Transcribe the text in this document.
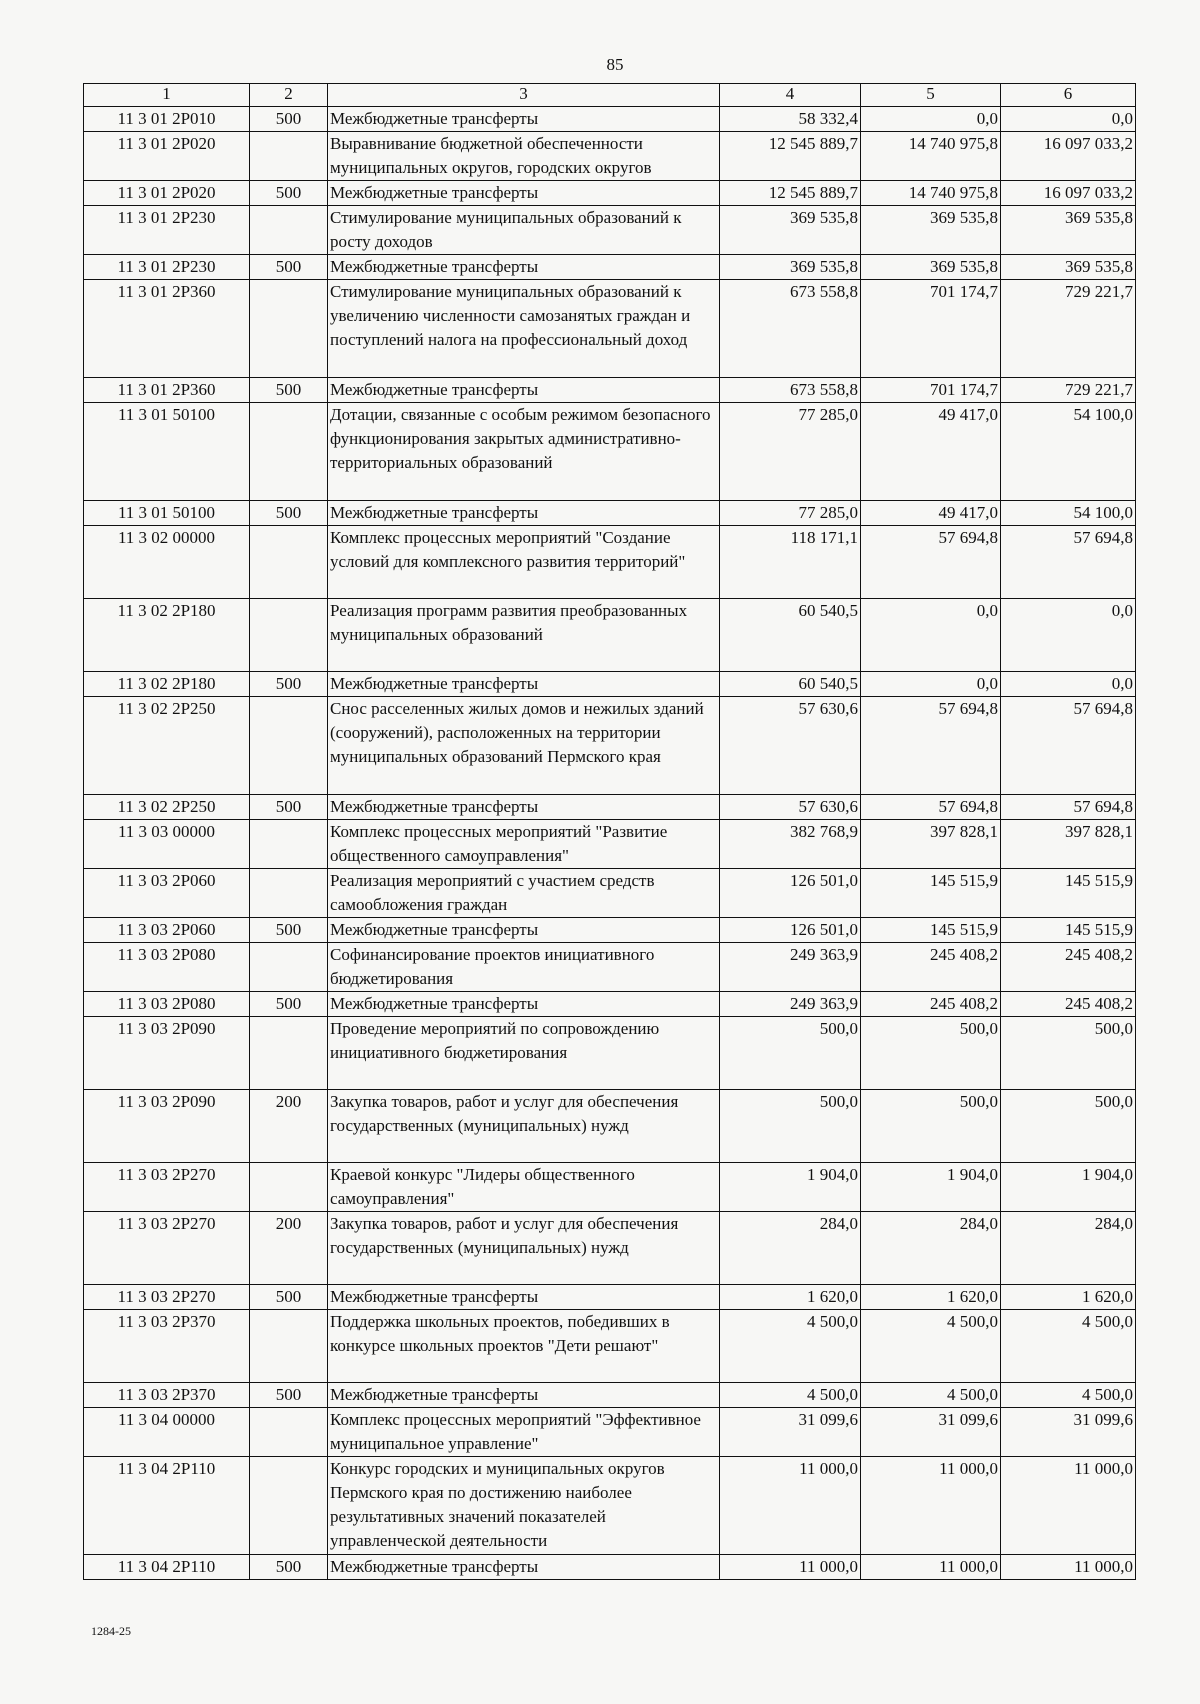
85
1	2	3	4	5	6
11 3 01 2P010	500	Межбюджетные трансферты	58 332,4	0,0	0,0
11 3 01 2P020		Выравнивание бюджетной обеспеченности муниципальных округов, городских округов	12 545 889,7	14 740 975,8	16 097 033,2
11 3 01 2P020	500	Межбюджетные трансферты	12 545 889,7	14 740 975,8	16 097 033,2
11 3 01 2P230		Стимулирование муниципальных образований к росту доходов	369 535,8	369 535,8	369 535,8
11 3 01 2P230	500	Межбюджетные трансферты	369 535,8	369 535,8	369 535,8
11 3 01 2P360		Стимулирование муниципальных образований к увеличению численности самозанятых граждан и поступлений налога на профессиональный доход	673 558,8	701 174,7	729 221,7
11 3 01 2P360	500	Межбюджетные трансферты	673 558,8	701 174,7	729 221,7
11 3 01 50100		Дотации, связанные с особым режимом безопасного функционирования закрытых административно-территориальных образований	77 285,0	49 417,0	54 100,0
11 3 01 50100	500	Межбюджетные трансферты	77 285,0	49 417,0	54 100,0
11 3 02 00000		Комплекс процессных мероприятий "Создание условий для комплексного развития территорий"	118 171,1	57 694,8	57 694,8
11 3 02 2P180		Реализация программ развития преобразованных муниципальных образований	60 540,5	0,0	0,0
11 3 02 2P180	500	Межбюджетные трансферты	60 540,5	0,0	0,0
11 3 02 2P250		Снос расселенных жилых домов и нежилых зданий (сооружений), расположенных на территории муниципальных образований Пермского края	57 630,6	57 694,8	57 694,8
11 3 02 2P250	500	Межбюджетные трансферты	57 630,6	57 694,8	57 694,8
11 3 03 00000		Комплекс процессных мероприятий "Развитие общественного самоуправления"	382 768,9	397 828,1	397 828,1
11 3 03 2P060		Реализация мероприятий с участием средств самообложения граждан	126 501,0	145 515,9	145 515,9
11 3 03 2P060	500	Межбюджетные трансферты	126 501,0	145 515,9	145 515,9
11 3 03 2P080		Софинансирование проектов инициативного бюджетирования	249 363,9	245 408,2	245 408,2
11 3 03 2P080	500	Межбюджетные трансферты	249 363,9	245 408,2	245 408,2
11 3 03 2P090		Проведение мероприятий по сопровождению инициативного бюджетирования	500,0	500,0	500,0
11 3 03 2P090	200	Закупка товаров, работ и услуг для обеспечения государственных (муниципальных) нужд	500,0	500,0	500,0
11 3 03 2P270		Краевой конкурс "Лидеры общественного самоуправления"	1 904,0	1 904,0	1 904,0
11 3 03 2P270	200	Закупка товаров, работ и услуг для обеспечения государственных (муниципальных) нужд	284,0	284,0	284,0
11 3 03 2P270	500	Межбюджетные трансферты	1 620,0	1 620,0	1 620,0
11 3 03 2P370		Поддержка школьных проектов, победивших в конкурсе школьных проектов "Дети решают"	4 500,0	4 500,0	4 500,0
11 3 03 2P370	500	Межбюджетные трансферты	4 500,0	4 500,0	4 500,0
11 3 04 00000		Комплекс процессных мероприятий "Эффективное муниципальное управление"	31 099,6	31 099,6	31 099,6
11 3 04 2P110		Конкурс городских и муниципальных округов Пермского края по достижению наиболее результативных значений показателей управленческой деятельности	11 000,0	11 000,0	11 000,0
11 3 04 2P110	500	Межбюджетные трансферты	11 000,0	11 000,0	11 000,0
1284-25
